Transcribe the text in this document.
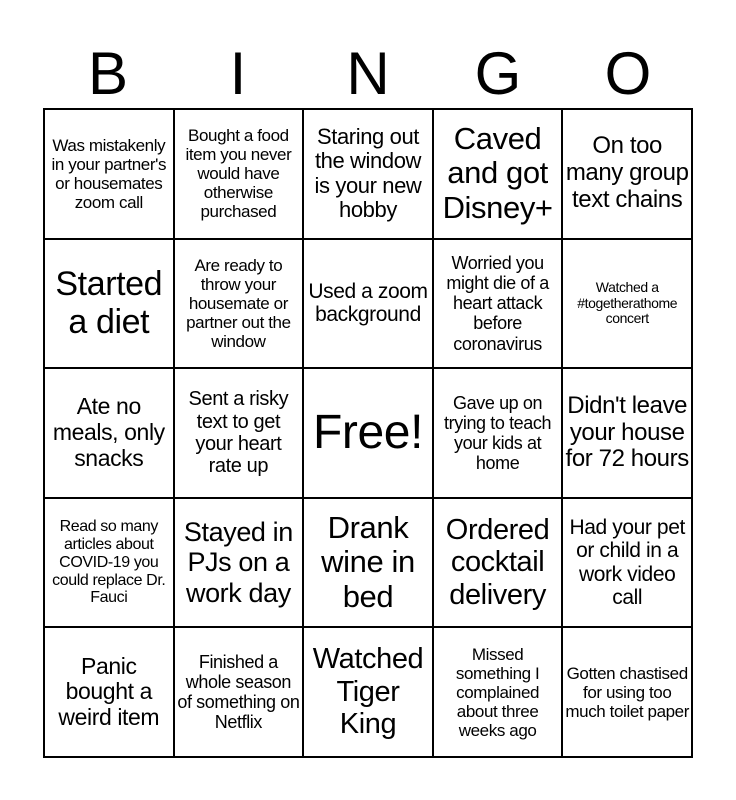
B	I	N	G	O
Was mistakenly in your partner's or housemates zoom call
Bought a food item you never would have otherwise purchased
Staring out the window is your new hobby
Caved and got Disney+
On too many group text chains
Started a diet
Are ready to throw your housemate or partner out the window
Used a zoom background
Worried you might die of a heart attack before coronavirus
Watched a #togetherathome concert
Ate no meals, only snacks
Sent a risky text to get your heart rate up
Free!
Gave up on trying to teach your kids at home
Didn't leave your house for 72 hours
Read so many articles about COVID-19 you could replace Dr. Fauci
Stayed in PJs on a work day
Drank wine in bed
Ordered cocktail delivery
Had your pet or child in a work video call
Panic bought a weird item
Finished a whole season of something on Netflix
Watched Tiger King
Missed something I complained about three weeks ago
Gotten chastised for using too much toilet paper
